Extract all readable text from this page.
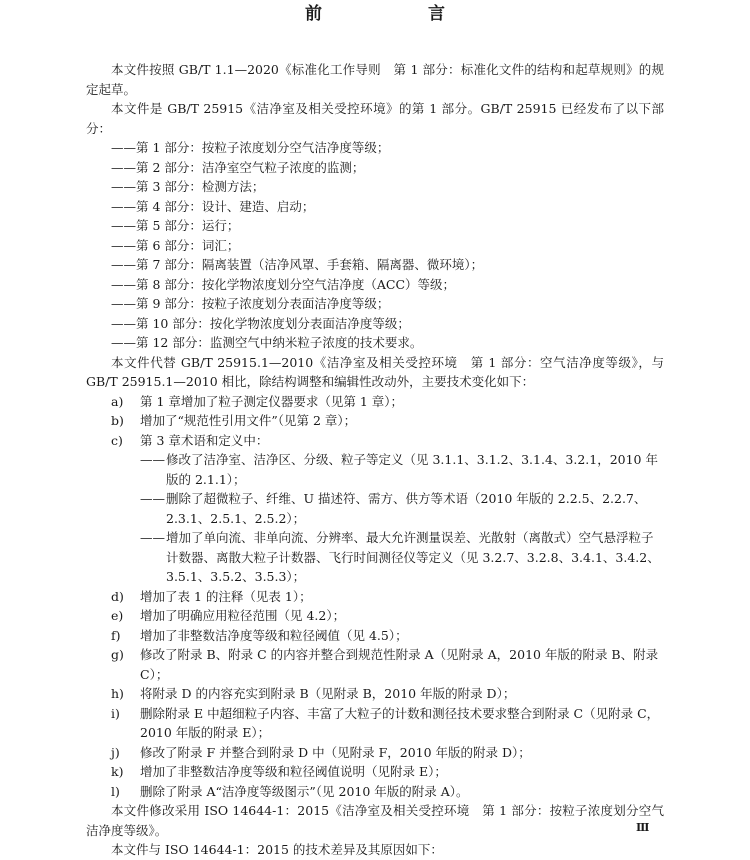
前　　言

本文件按照 GB/T 1.1—2020《标准化工作导则　第 1 部分：标准化文件的结构和起草规则》的规定起草。

本文件是 GB/T 25915《洁净室及相关受控环境》的第 1 部分。GB/T 25915 已经发布了以下部分：

——第 1 部分：按粒子浓度划分空气洁净度等级；

——第 2 部分：洁净室空气粒子浓度的监测；

——第 3 部分：检测方法；

——第 4 部分：设计、建造、启动；

——第 5 部分：运行；

——第 6 部分：词汇；

——第 7 部分：隔离装置（洁净风罩、手套箱、隔离器、微环境）；

——第 8 部分：按化学物浓度划分空气洁净度（ACC）等级；

——第 9 部分：按粒子浓度划分表面洁净度等级；

——第 10 部分：按化学物浓度划分表面洁净度等级；

——第 12 部分：监测空气中纳米粒子浓度的技术要求。

本文件代替 GB/T 25915.1—2010《洁净室及相关受控环境　第 1 部分：空气洁净度等级》，与 GB/T 25915.1—2010 相比，除结构调整和编辑性改动外，主要技术变化如下：

a)	第 1 章增加了粒子测定仪器要求（见第 1 章）；
b)	增加了“规范性引用文件”（见第 2 章）；
c)	第 3 章术语和定义中：
—— 修改了洁净室、洁净区、分级、粒子等定义（见 3.1.1、3.1.2、3.1.4、3.2.1，2010 年版的 2.1.1）；
—— 删除了超微粒子、纤维、U 描述符、需方、供方等术语（2010 年版的 2.2.5、2.2.7、2.3.1、2.5.1、2.5.2）；
—— 增加了单向流、非单向流、分辨率、最大允许测量误差、光散射（离散式）空气悬浮粒子计数器、离散大粒子计数器、飞行时间测径仪等定义（见 3.2.7、3.2.8、3.4.1、3.4.2、3.5.1、3.5.2、3.5.3）；
d)	增加了表 1 的注释（见表 1）；
e)	增加了明确应用粒径范围（见 4.2）；
f)	增加了非整数洁净度等级和粒径阈值（见 4.5）；
g)	修改了附录 B、附录 C 的内容并整合到规范性附录 A（见附录 A，2010 年版的附录 B、附录 C）；
h)	将附录 D 的内容充实到附录 B（见附录 B，2010 年版的附录 D）；
i)	删除附录 E 中超细粒子内容、丰富了大粒子的计数和测径技术要求整合到附录 C（见附录 C，2010 年版的附录 E）；
j)	修改了附录 F 并整合到附录 D 中（见附录 F，2010 年版的附录 D）；
k)	增加了非整数洁净度等级和粒径阈值说明（见附录 E）；
l)	删除了附录 A“洁净度等级图示”（见 2010 年版的附录 A）。

本文件修改采用 ISO 14644-1：2015《洁净室及相关受控环境　第 1 部分：按粒子浓度划分空气洁净度等级》。

本文件与 ISO 14644-1：2015 的技术差异及其原因如下：

Ⅲ
